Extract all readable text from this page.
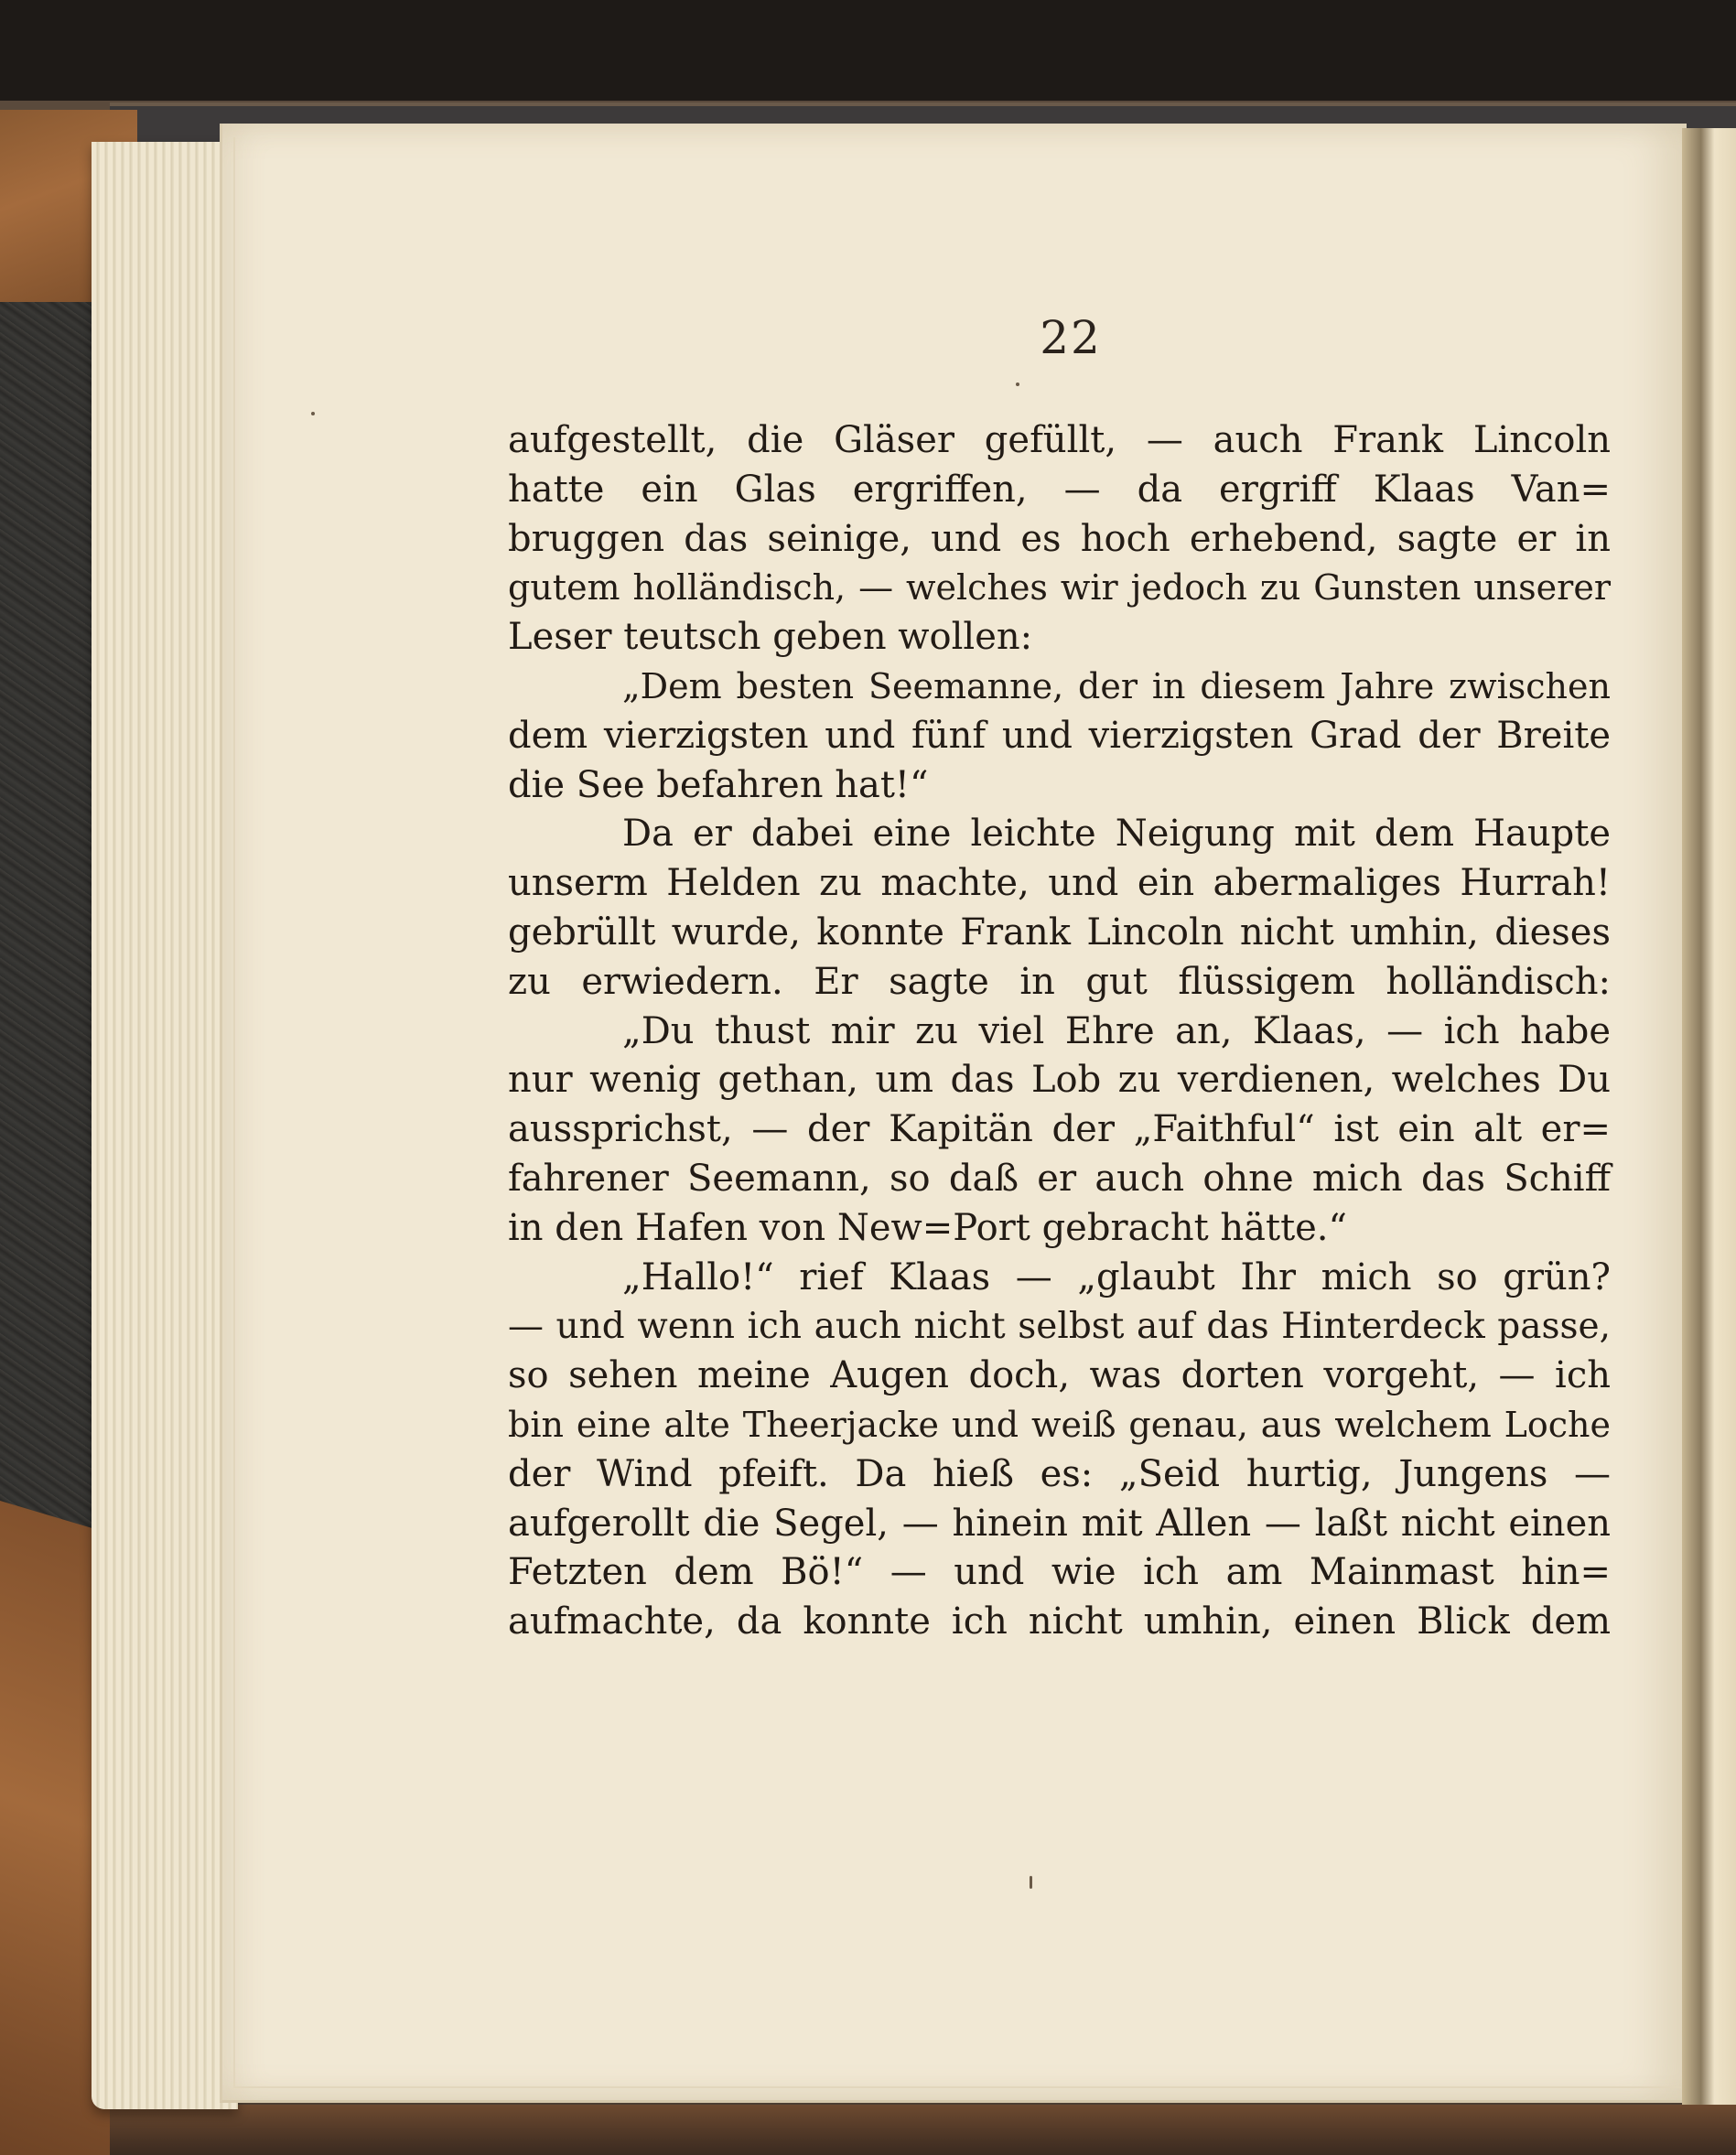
22
aufgestellt, die Gläser gefüllt, — auch Frank Lincoln
hatte ein Glas ergriffen, — da ergriff Klaas Van=
bruggen das seinige, und es hoch erhebend, sagte er in
gutem holländisch, — welches wir jedoch zu Gunsten unserer
Leser teutsch geben wollen:
„Dem besten Seemanne, der in diesem Jahre zwischen
dem vierzigsten und fünf und vierzigsten Grad der Breite
die See befahren hat!“
Da er dabei eine leichte Neigung mit dem Haupte
unserm Helden zu machte, und ein abermaliges Hurrah!
gebrüllt wurde, konnte Frank Lincoln nicht umhin, dieses
zu erwiedern. Er sagte in gut flüssigem holländisch:
„Du thust mir zu viel Ehre an, Klaas, — ich habe
nur wenig gethan, um das Lob zu verdienen, welches Du
aussprichst, — der Kapitän der „Faithful“ ist ein alt er=
fahrener Seemann, so daß er auch ohne mich das Schiff
in den Hafen von New=Port gebracht hätte.“
„Hallo!“ rief Klaas — „glaubt Ihr mich so grün?
— und wenn ich auch nicht selbst auf das Hinterdeck passe,
so sehen meine Augen doch, was dorten vorgeht, — ich
bin eine alte Theerjacke und weiß genau, aus welchem Loche
der Wind pfeift. Da hieß es: „Seid hurtig, Jungens —
aufgerollt die Segel, — hinein mit Allen — laßt nicht einen
Fetzten dem Bö!“ — und wie ich am Mainmast hin=
aufmachte, da konnte ich nicht umhin, einen Blick dem
